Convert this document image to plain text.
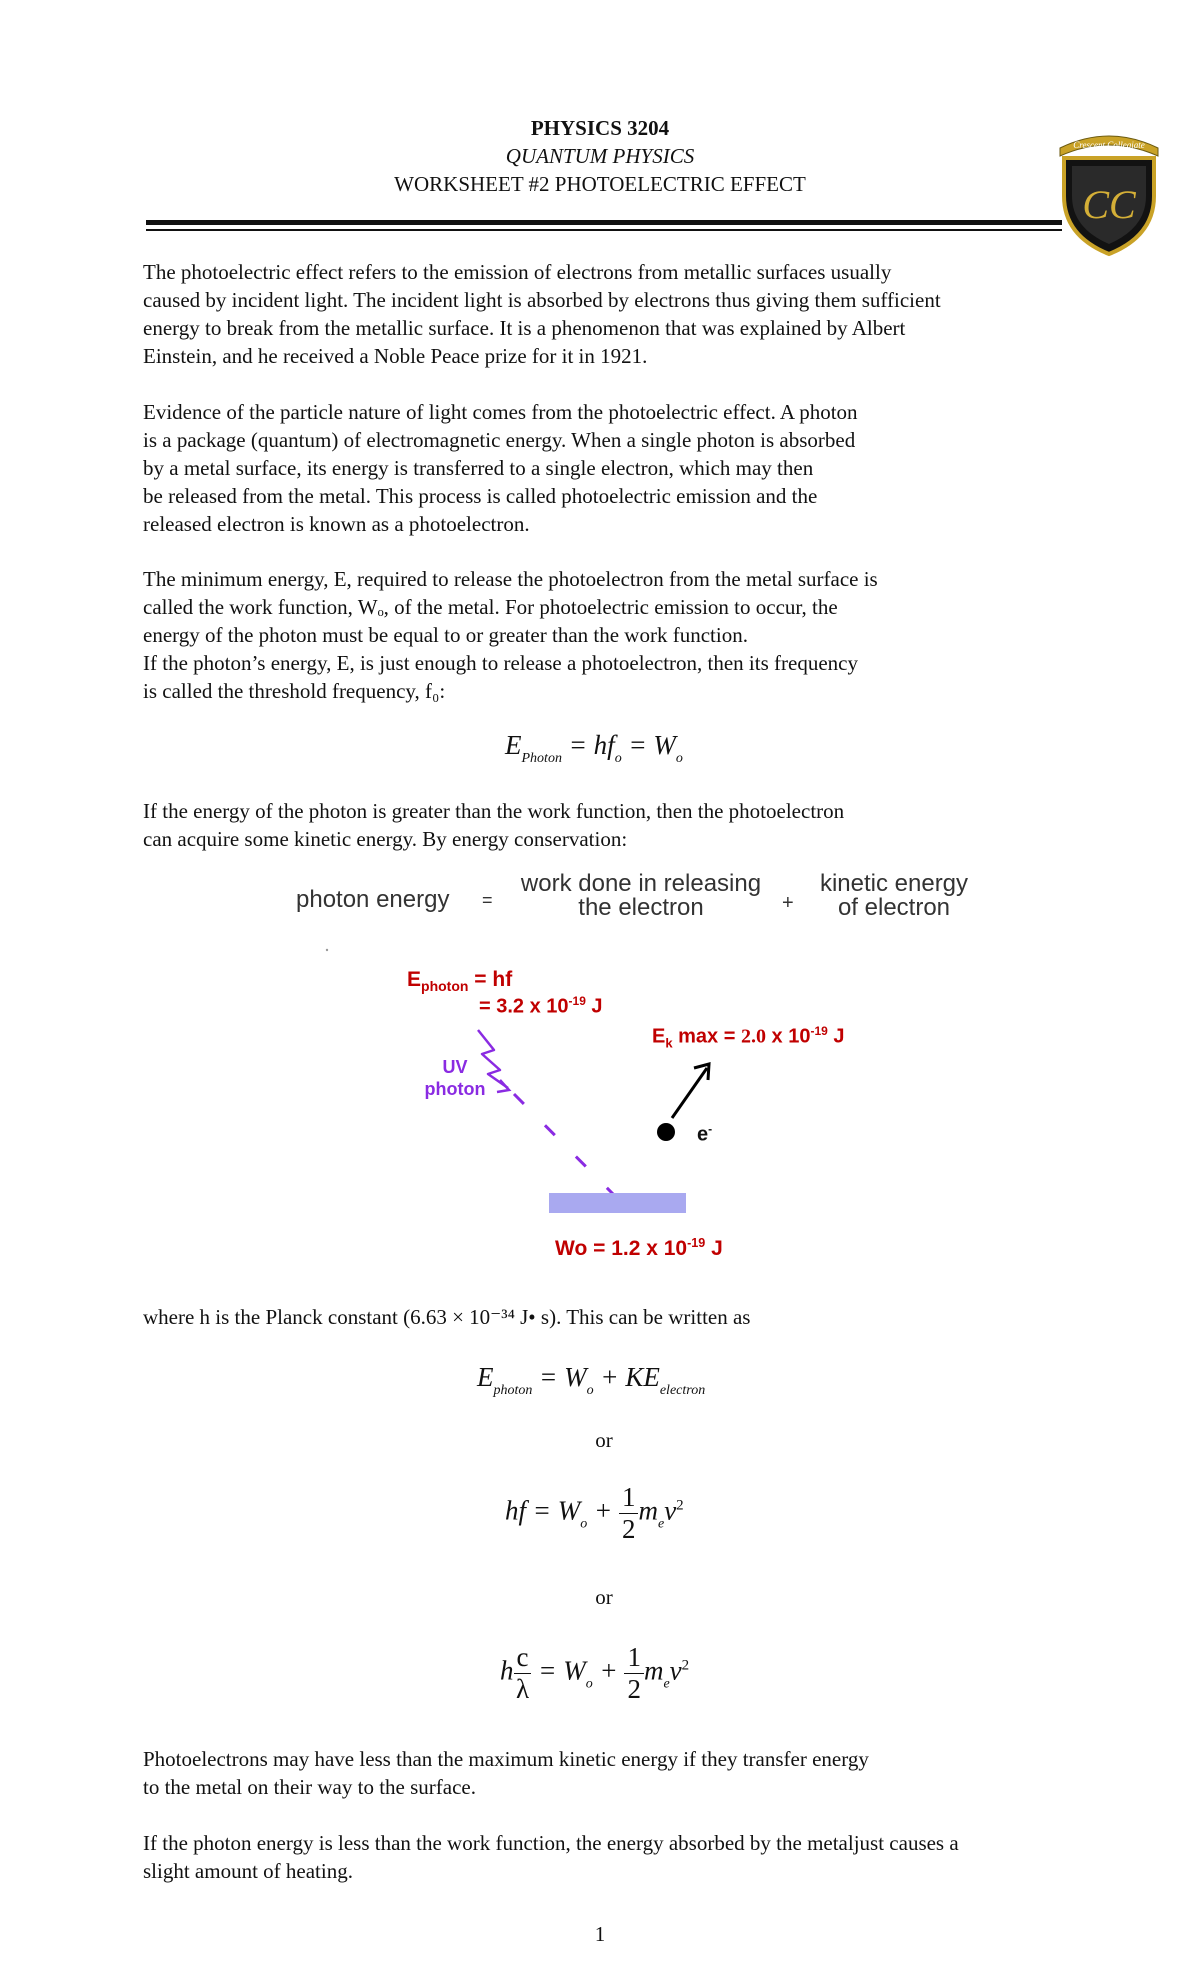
PHYSICS 3204
QUANTUM PHYSICS
WORKSHEET #2 PHOTOELECTRIC EFFECT
Crescent Collegiate
CC
The photoelectric effect refers to the emission of electrons from metallic surfaces usually
caused by incident light. The incident light is absorbed by electrons thus giving them sufficient
energy to break from the metallic surface. It is a phenomenon that was explained by Albert
Einstein, and he received a Noble Peace prize for it in 1921.
Evidence of the particle nature of light comes from the photoelectric effect. A photon
is a package (quantum) of electromagnetic energy. When a single photon is absorbed
by a metal surface, its energy is transferred to a single electron, which may then
be released from the metal. This process is called photoelectric emission and the
released electron is known as a photoelectron.
The minimum energy, E, required to release the photoelectron from the metal surface is
called the work function, Wₒ, of the metal. For photoelectric emission to occur, the
energy of the photon must be equal to or greater than the work function.
If the photon’s energy, E, is just enough to release a photoelectron, then its frequency
is called the threshold frequency, f₀:
$E_{Photon} = hf_o = W_o$
If the energy of the photon is greater than the work function, then the photoelectron
can acquire some kinetic energy. By energy conservation:
photon energy =
work done in releasing
the electron	+
kinetic energy
of electron
$E_{photon}$ = hf
= 3.2 x $10^{-19}$ J
$E_k$ max = 2.0 x $10^{-19}$ J
UV
photon
e-
Wo = 1.2 x $10^{-19}$ J
where h is the Planck constant (6.63 × 10⁻³⁴ J• s). This can be written as
$E_{photon} = W_o + KE_{electron}$
or
hf = $W_o + \frac{1}{2} m_ev^2$
or
h $\frac{c}{\lambda} = W_o + \frac{1}{2} m_ev^2$
Photoelectrons may have less than the maximum kinetic energy if they transfer energy
to the metal on their way to the surface.
If the photon energy is less than the work function, the energy absorbed by the metaljust causes a
slight amount of heating.
1
